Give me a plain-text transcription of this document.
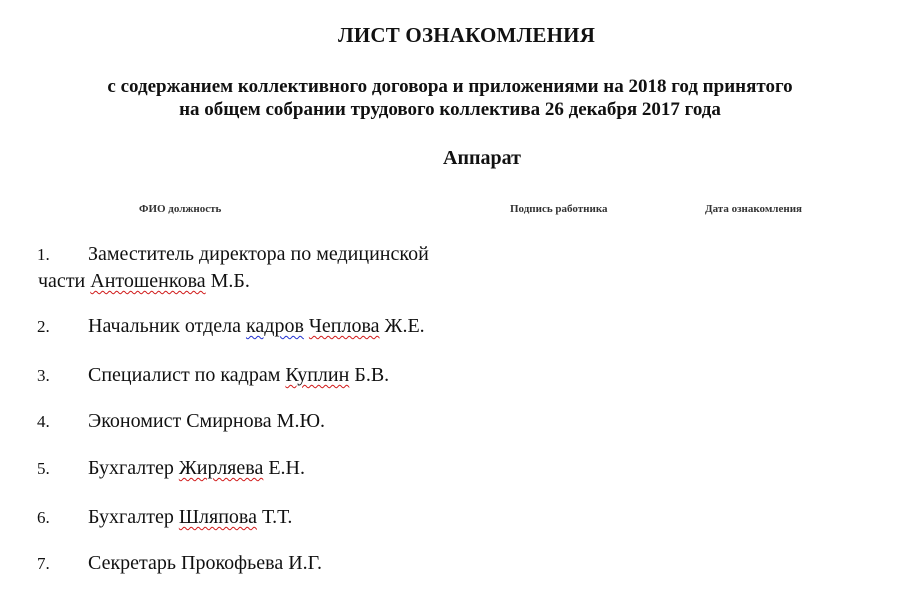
ЛИСТ ОЗНАКОМЛЕНИЯ
с содержанием коллективного договора и приложениями на 2018 год принятого
на общем собрании трудового коллектива 26 декабря 2017 года
Аппарат
ФИО должность	Подпись работника	Дата ознакомления
1. Заместитель директора по медицинской
части Антошенкова М.Б.
2. Начальник отдела кадров Чеплова Ж.Е.
3. Специалист по кадрам Куплин Б.В.
4. Экономист Смирнова М.Ю.
5. Бухгалтер Жирляева Е.Н.
6. Бухгалтер Шляпова Т.Т.
7. Секретарь Прокофьева И.Г.
